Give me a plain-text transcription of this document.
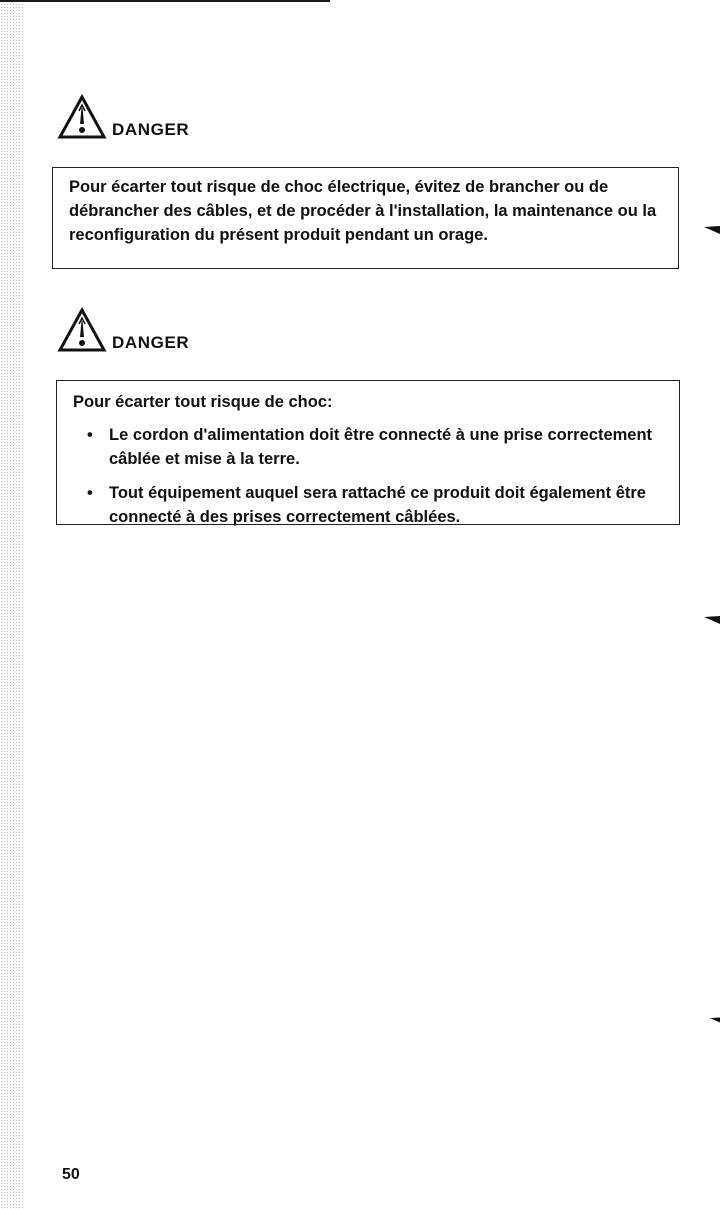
DANGER

Pour écarter tout risque de choc électrique, évitez de brancher ou de débrancher des câbles, et de procéder à l'installation, la maintenance ou la reconfiguration du présent produit pendant un orage.

DANGER

Pour écarter tout risque de choc:

• Le cordon d'alimentation doit être connecté à une prise correctement câblée et mise à la terre.
• Tout équipement auquel sera rattaché ce produit doit également être connecté à des prises correctement câblées.
50
